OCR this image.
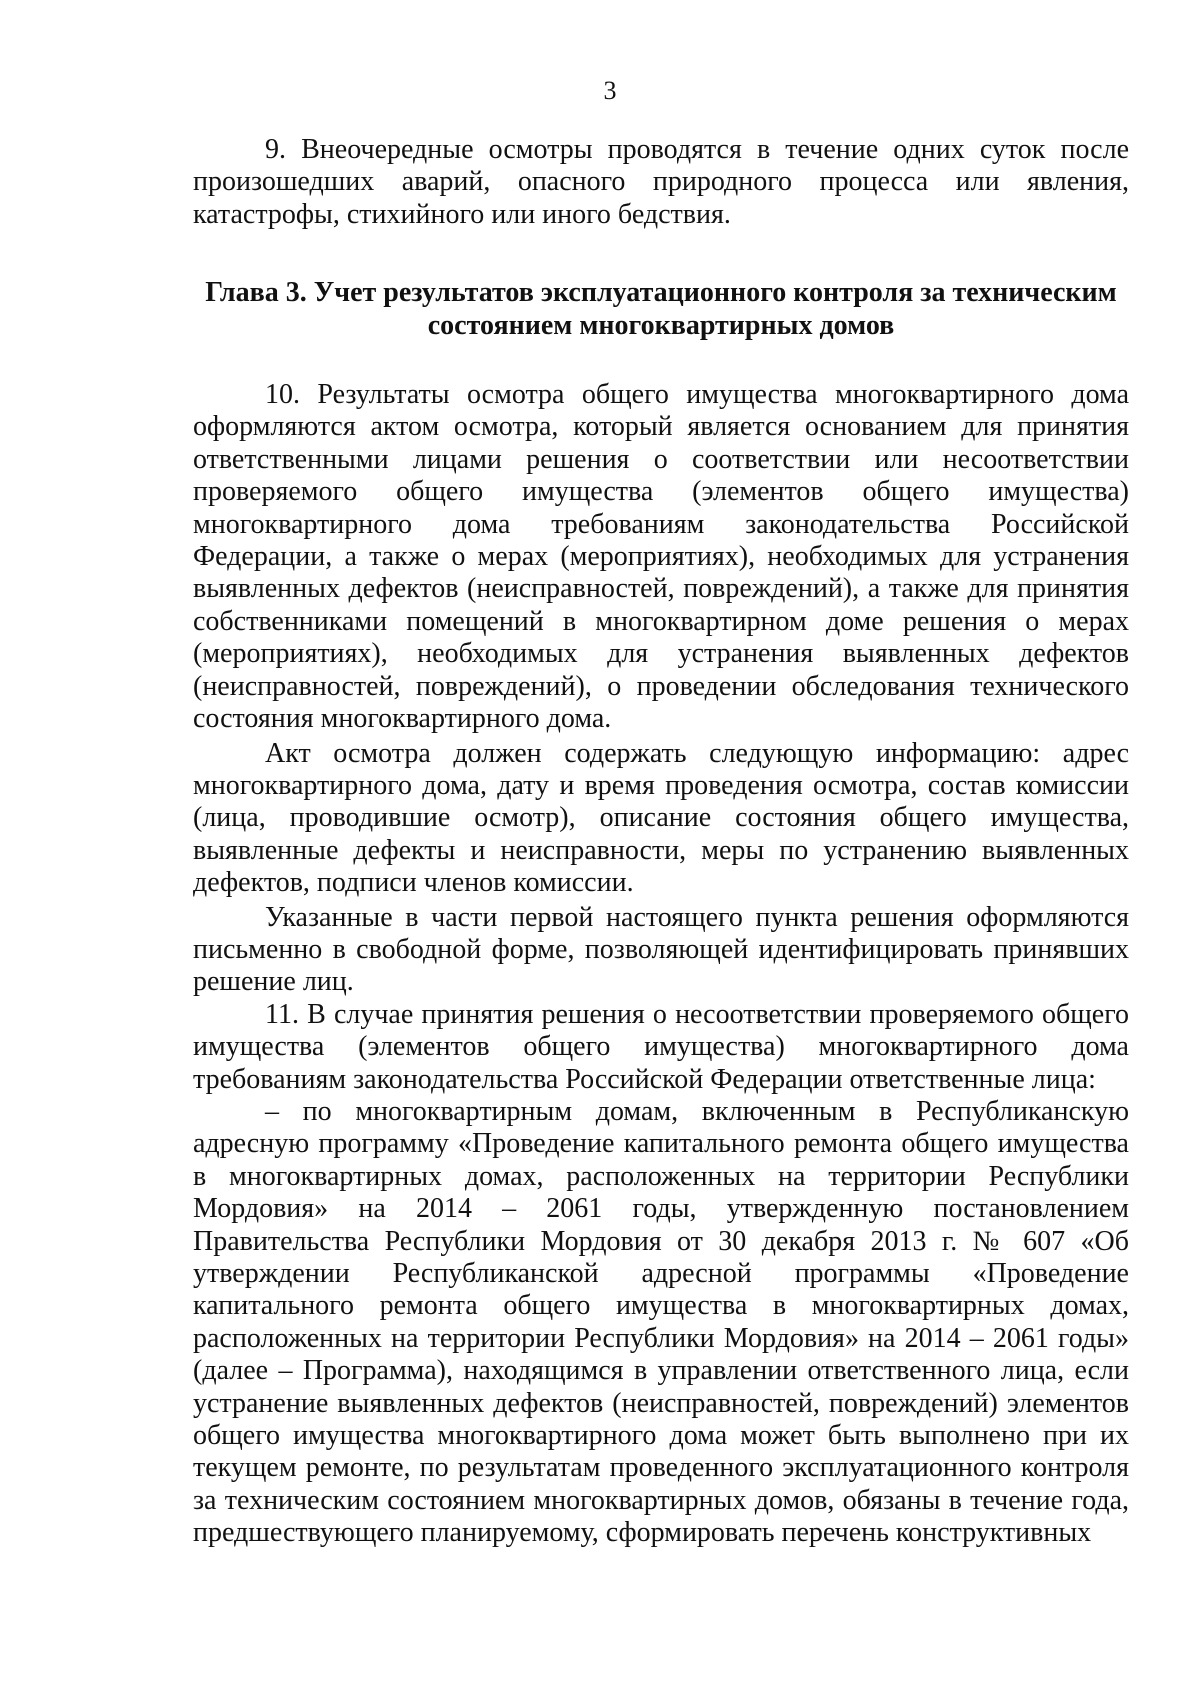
3

9. Внеочередные осмотры проводятся в течение одних суток после произошедших аварий, опасного природного процесса или явления, катастрофы, стихийного или иного бедствия.

Глава 3. Учет результатов эксплуатационного контроля за техническим состоянием многоквартирных домов

10. Результаты осмотра общего имущества многоквартирного дома оформляются актом осмотра, который является основанием для принятия ответственными лицами решения о соответствии или несоответствии проверяемого общего имущества (элементов общего имущества) многоквартирного дома требованиям законодательства Российской Федерации, а также о мерах (мероприятиях), необходимых для устранения выявленных дефектов (неисправностей, повреждений), а также для принятия собственниками помещений в многоквартирном доме решения о мерах (мероприятиях), необходимых для устранения выявленных дефектов (неисправностей, повреждений), о проведении обследования технического состояния многоквартирного дома.

Акт осмотра должен содержать следующую информацию: адрес многоквартирного дома, дату и время проведения осмотра, состав комиссии (лица, проводившие осмотр), описание состояния общего имущества, выявленные дефекты и неисправности, меры по устранению выявленных дефектов, подписи членов комиссии.

Указанные в части первой настоящего пункта решения оформляются письменно в свободной форме, позволяющей идентифицировать принявших решение лиц.

11. В случае принятия решения о несоответствии проверяемого общего имущества (элементов общего имущества) многоквартирного дома требованиям законодательства Российской Федерации ответственные лица:

– по многоквартирным домам, включенным в Республиканскую адресную программу «Проведение капитального ремонта общего имущества в многоквартирных домах, расположенных на территории Республики Мордовия» на 2014 – 2061 годы, утвержденную постановлением Правительства Республики Мордовия от 30 декабря 2013 г. № 607 «Об утверждении Республиканской адресной программы «Проведение капитального ремонта общего имущества в многоквартирных домах, расположенных на территории Республики Мордовия» на 2014 – 2061 годы» (далее – Программа), находящимся в управлении ответственного лица, если устранение выявленных дефектов (неисправностей, повреждений) элементов общего имущества многоквартирного дома может быть выполнено при их текущем ремонте, по результатам проведенного эксплуатационного контроля за техническим состоянием многоквартирных домов, обязаны в течение года, предшествующего планируемому, сформировать перечень конструктивных
